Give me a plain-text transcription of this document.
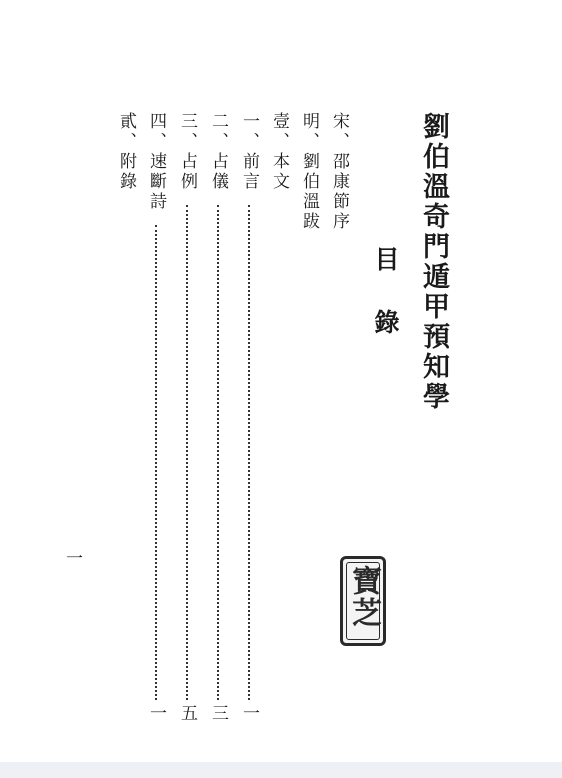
劉伯溫奇門遁甲預知學
目錄
宋、邵康節序
明、劉伯溫跋
壹、本文
一、前言
一
二、占儀
三
三、占例
五
四、速斷詩
一
貳、附錄
一
寶芝
